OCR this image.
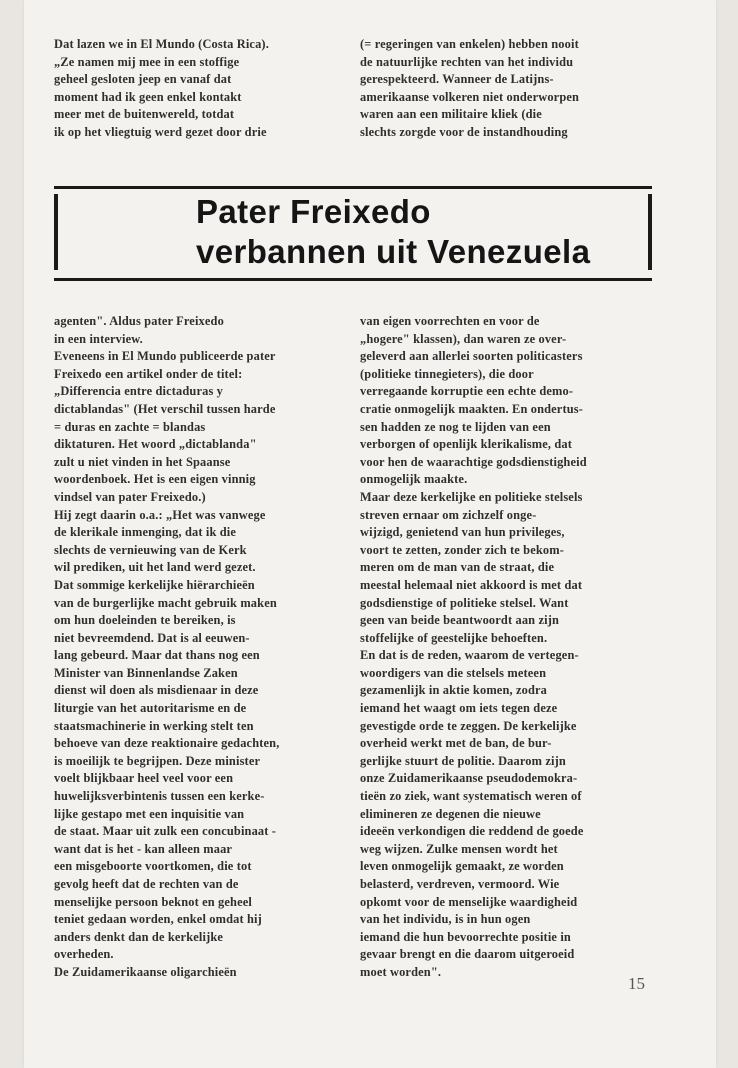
Dat lazen we in El Mundo (Costa Rica).
„Ze namen mij mee in een stoffige
geheel gesloten jeep en vanaf dat
moment had ik geen enkel kontakt
meer met de buitenwereld, totdat
ik op het vliegtuig werd gezet door drie
(= regeringen van enkelen) hebben nooit
de natuurlijke rechten van het individu
gerespekteerd. Wanneer de Latijns-
amerikaanse volkeren niet onderworpen
waren aan een militaire kliek (die
slechts zorgde voor de instandhouding
Pater Freixedo
verbannen uit Venezuela
agenten". Aldus pater Freixedo
in een interview.
Eveneens in El Mundo publiceerde pater
Freixedo een artikel onder de titel:
„Differencia entre dictaduras y
dictablandas" (Het verschil tussen harde
= duras en zachte = blandas
diktaturen. Het woord „dictablanda"
zult u niet vinden in het Spaanse
woordenboek. Het is een eigen vinnig
vindsel van pater Freixedo.)
Hij zegt daarin o.a.: „Het was vanwege
de klerikale inmenging, dat ik die
slechts de vernieuwing van de Kerk
wil prediken, uit het land werd gezet.
Dat sommige kerkelijke hiërarchieën
van de burgerlijke macht gebruik maken
om hun doeleinden te bereiken, is
niet bevreemdend. Dat is al eeuwen-
lang gebeurd. Maar dat thans nog een
Minister van Binnenlandse Zaken
dienst wil doen als misdienaar in deze
liturgie van het autoritarisme en de
staatsmachinerie in werking stelt ten
behoeve van deze reaktionaire gedachten,
is moeilijk te begrijpen. Deze minister
voelt blijkbaar heel veel voor een
huwelijksverbintenis tussen een kerke-
lijke gestapo met een inquisitie van
de staat. Maar uit zulk een concubinaat -
want dat is het - kan alleen maar
een misgeboorte voortkomen, die tot
gevolg heeft dat de rechten van de
menselijke persoon beknot en geheel
teniet gedaan worden, enkel omdat hij
anders denkt dan de kerkelijke
overheden.
De Zuidamerikaanse oligarchieën
van eigen voorrechten en voor de
„hogere" klassen), dan waren ze over-
geleverd aan allerlei soorten politicasters
(politieke tinnegieters), die door
verregaande korruptie een echte demo-
cratie onmogelijk maakten. En ondertus-
sen hadden ze nog te lijden van een
verborgen of openlijk klerikalisme, dat
voor hen de waarachtige godsdienstigheid
onmogelijk maakte.
Maar deze kerkelijke en politieke stelsels
streven ernaar om zichzelf onge-
wijzigd, genietend van hun privileges,
voort te zetten, zonder zich te bekom-
meren om de man van de straat, die
meestal helemaal niet akkoord is met dat
godsdienstige of politieke stelsel. Want
geen van beide beantwoordt aan zijn
stoffelijke of geestelijke behoeften.
En dat is de reden, waarom de vertegen-
woordigers van die stelsels meteen
gezamenlijk in aktie komen, zodra
iemand het waagt om iets tegen deze
gevestigde orde te zeggen. De kerkelijke
overheid werkt met de ban, de bur-
gerlijke stuurt de politie. Daarom zijn
onze Zuidamerikaanse pseudodemokra-
tieën zo ziek, want systematisch weren of
elimineren ze degenen die nieuwe
ideeën verkondigen die reddend de goede
weg wijzen. Zulke mensen wordt het
leven onmogelijk gemaakt, ze worden
belasterd, verdreven, vermoord. Wie
opkomt voor de menselijke waardigheid
van het individu, is in hun ogen
iemand die hun bevoorrechte positie in
gevaar brengt en die daarom uitgeroeid
moet worden".
15
